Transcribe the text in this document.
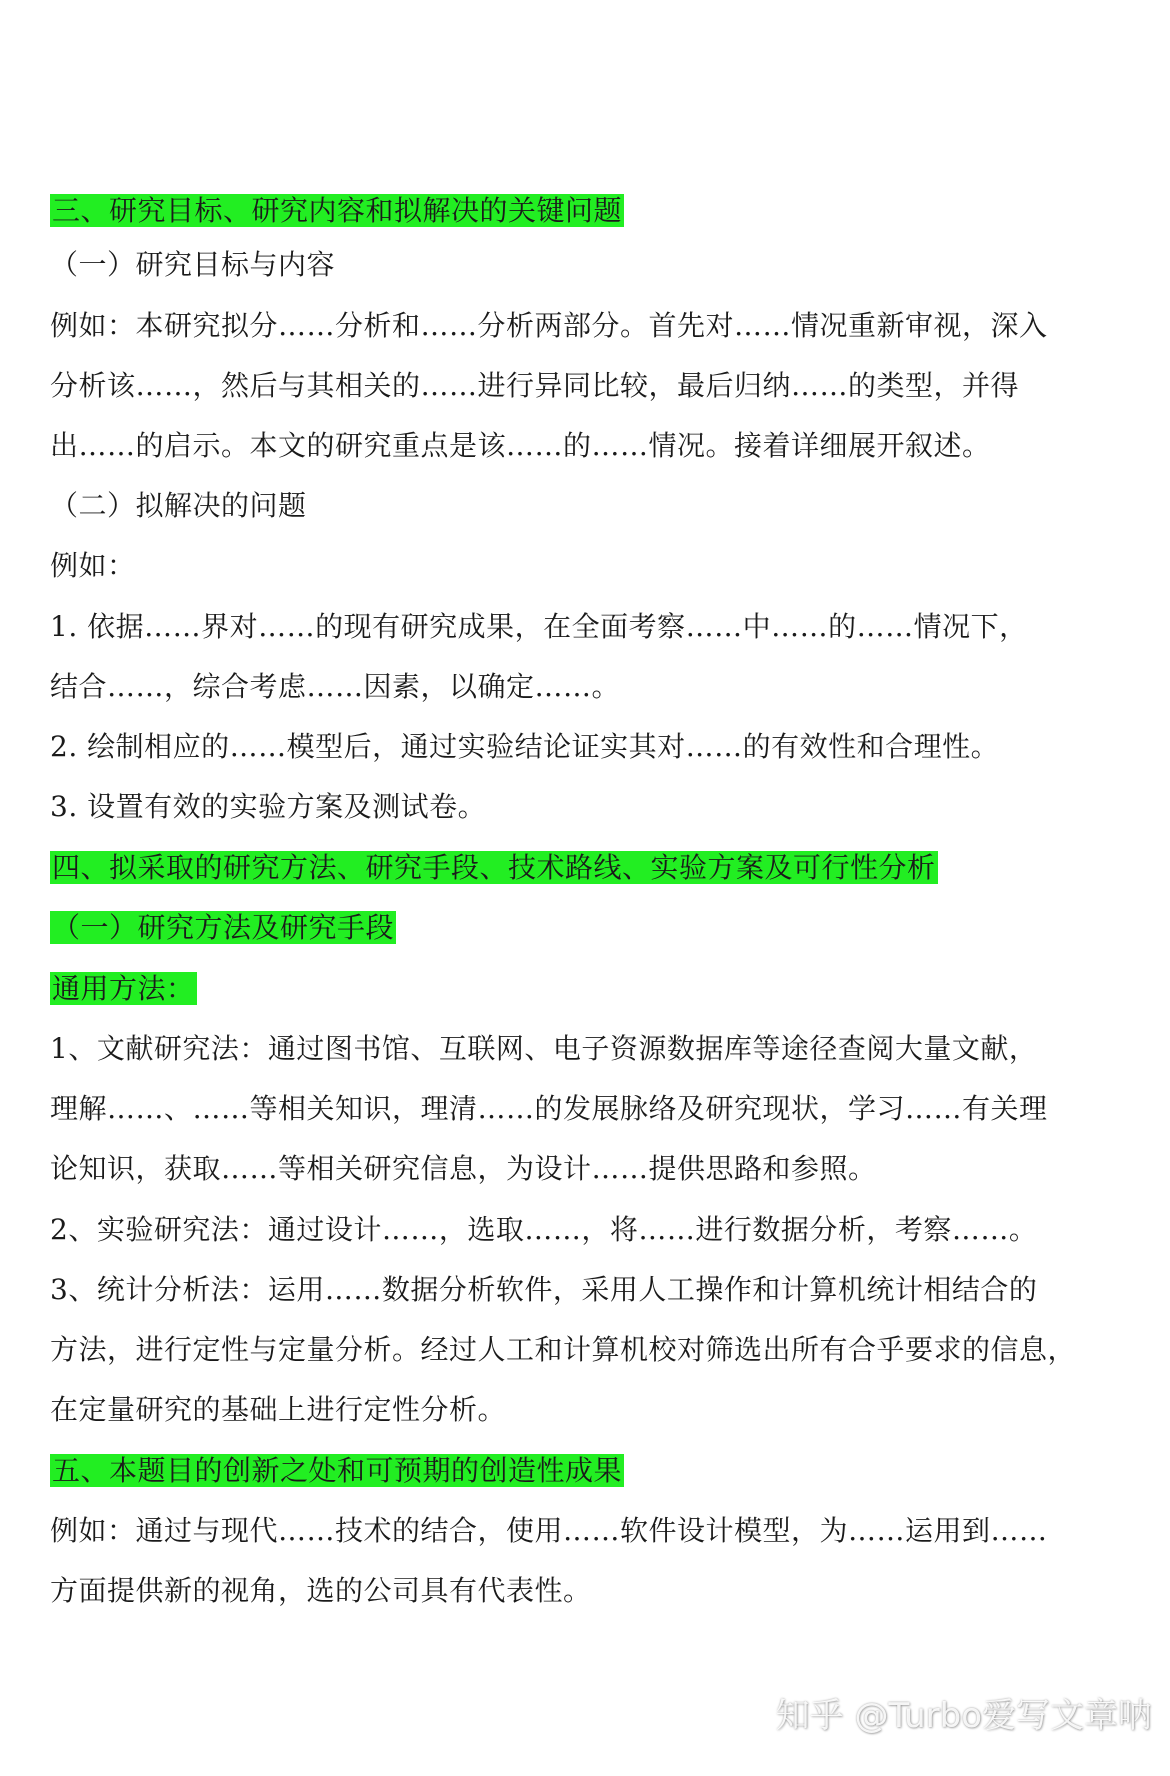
三、研究目标、研究内容和拟解决的关键问题
（一）研究目标与内容
例如：本研究拟分……分析和……分析两部分。首先对……情况重新审视，深入
分析该……，然后与其相关的……进行异同比较，最后归纳……的类型，并得
出……的启示。本文的研究重点是该……的……情况。接着详细展开叙述。
（二）拟解决的问题
例如：
1. 依据……界对……的现有研究成果，在全面考察……中……的……情况下，
结合……，综合考虑……因素，以确定……。
2. 绘制相应的……模型后，通过实验结论证实其对……的有效性和合理性。
3. 设置有效的实验方案及测试卷。
四、拟采取的研究方法、研究手段、技术路线、实验方案及可行性分析
（一）研究方法及研究手段
通用方法：
1、文献研究法：通过图书馆、互联网、电子资源数据库等途径查阅大量文献，
理解……、……等相关知识，理清……的发展脉络及研究现状，学习……有关理
论知识，获取……等相关研究信息，为设计……提供思路和参照。
2、实验研究法：通过设计……，选取……，将……进行数据分析，考察……。
3、统计分析法：运用……数据分析软件，采用人工操作和计算机统计相结合的
方法，进行定性与定量分析。经过人工和计算机校对筛选出所有合乎要求的信息，
在定量研究的基础上进行定性分析。
五、本题目的创新之处和可预期的创造性成果
例如：通过与现代……技术的结合，使用……软件设计模型，为……运用到……
方面提供新的视角，选的公司具有代表性。
知乎 @Turbo爱写文章呐
